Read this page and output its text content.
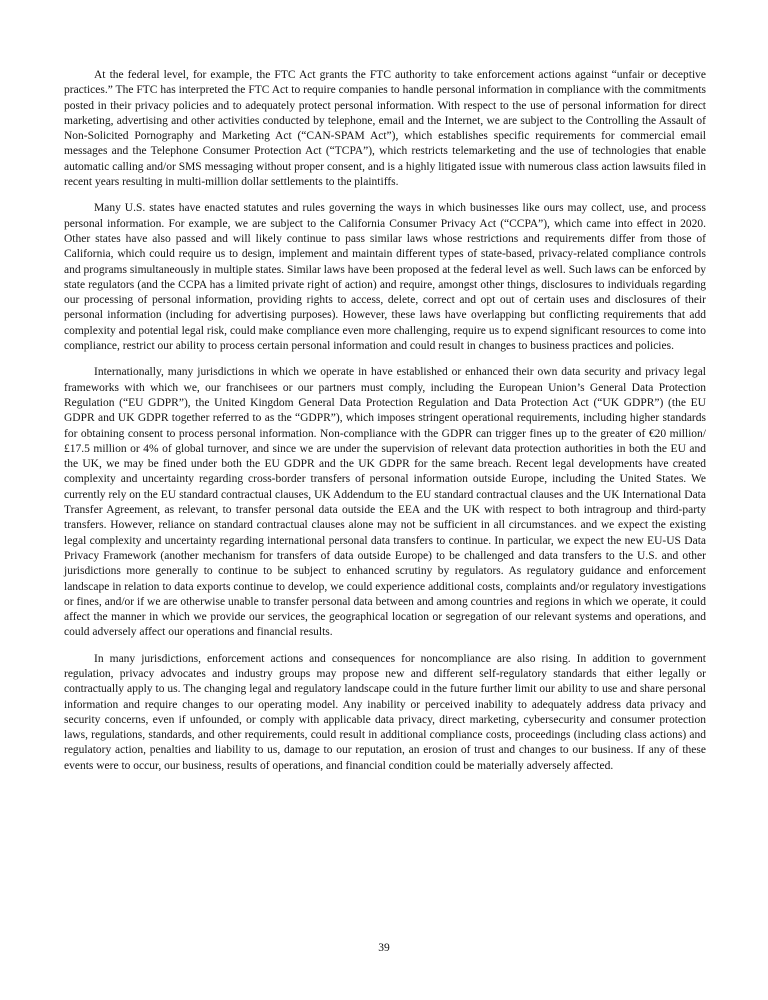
At the federal level, for example, the FTC Act grants the FTC authority to take enforcement actions against “unfair or deceptive practices.” The FTC has interpreted the FTC Act to require companies to handle personal information in compliance with the commitments posted in their privacy policies and to adequately protect personal information. With respect to the use of personal information for direct marketing, advertising and other activities conducted by telephone, email and the Internet, we are subject to the Controlling the Assault of Non-Solicited Pornography and Marketing Act (“CAN-SPAM Act”), which establishes specific requirements for commercial email messages and the Telephone Consumer Protection Act (“TCPA”), which restricts telemarketing and the use of technologies that enable automatic calling and/or SMS messaging without proper consent, and is a highly litigated issue with numerous class action lawsuits filed in recent years resulting in multi-million dollar settlements to the plaintiffs.

Many U.S. states have enacted statutes and rules governing the ways in which businesses like ours may collect, use, and process personal information. For example, we are subject to the California Consumer Privacy Act (“CCPA”), which came into effect in 2020. Other states have also passed and will likely continue to pass similar laws whose restrictions and requirements differ from those of California, which could require us to design, implement and maintain different types of state-based, privacy-related compliance controls and programs simultaneously in multiple states. Similar laws have been proposed at the federal level as well. Such laws can be enforced by state regulators (and the CCPA has a limited private right of action) and require, amongst other things, disclosures to individuals regarding our processing of personal information, providing rights to access, delete, correct and opt out of certain uses and disclosures of their personal information (including for advertising purposes). However, these laws have overlapping but conflicting requirements that add complexity and potential legal risk, could make compliance even more challenging, require us to expend significant resources to come into compliance, restrict our ability to process certain personal information and could result in changes to business practices and policies.

Internationally, many jurisdictions in which we operate in have established or enhanced their own data security and privacy legal frameworks with which we, our franchisees or our partners must comply, including the European Union’s General Data Protection Regulation (“EU GDPR”), the United Kingdom General Data Protection Regulation and Data Protection Act (“UK GDPR”) (the EU GDPR and UK GDPR together referred to as the “GDPR”), which imposes stringent operational requirements, including higher standards for obtaining consent to process personal information. Non-compliance with the GDPR can trigger fines up to the greater of €20 million/£17.5 million or 4% of global turnover, and since we are under the supervision of relevant data protection authorities in both the EU and the UK, we may be fined under both the EU GDPR and the UK GDPR for the same breach. Recent legal developments have created complexity and uncertainty regarding cross-border transfers of personal information outside Europe, including the United States. We currently rely on the EU standard contractual clauses, UK Addendum to the EU standard contractual clauses and the UK International Data Transfer Agreement, as relevant, to transfer personal data outside the EEA and the UK with respect to both intragroup and third-party transfers. However, reliance on standard contractual clauses alone may not be sufficient in all circumstances. and we expect the existing legal complexity and uncertainty regarding international personal data transfers to continue. In particular, we expect the new EU-US Data Privacy Framework (another mechanism for transfers of data outside Europe) to be challenged and data transfers to the U.S. and other jurisdictions more generally to continue to be subject to enhanced scrutiny by regulators. As regulatory guidance and enforcement landscape in relation to data exports continue to develop, we could experience additional costs, complaints and/or regulatory investigations or fines, and/or if we are otherwise unable to transfer personal data between and among countries and regions in which we operate, it could affect the manner in which we provide our services, the geographical location or segregation of our relevant systems and operations, and could adversely affect our operations and financial results.

In many jurisdictions, enforcement actions and consequences for noncompliance are also rising. In addition to government regulation, privacy advocates and industry groups may propose new and different self-regulatory standards that either legally or contractually apply to us. The changing legal and regulatory landscape could in the future further limit our ability to use and share personal information and require changes to our operating model. Any inability or perceived inability to adequately address data privacy and security concerns, even if unfounded, or comply with applicable data privacy, direct marketing, cybersecurity and consumer protection laws, regulations, standards, and other requirements, could result in additional compliance costs, proceedings (including class actions) and regulatory action, penalties and liability to us, damage to our reputation, an erosion of trust and changes to our business. If any of these events were to occur, our business, results of operations, and financial condition could be materially adversely affected.

39
